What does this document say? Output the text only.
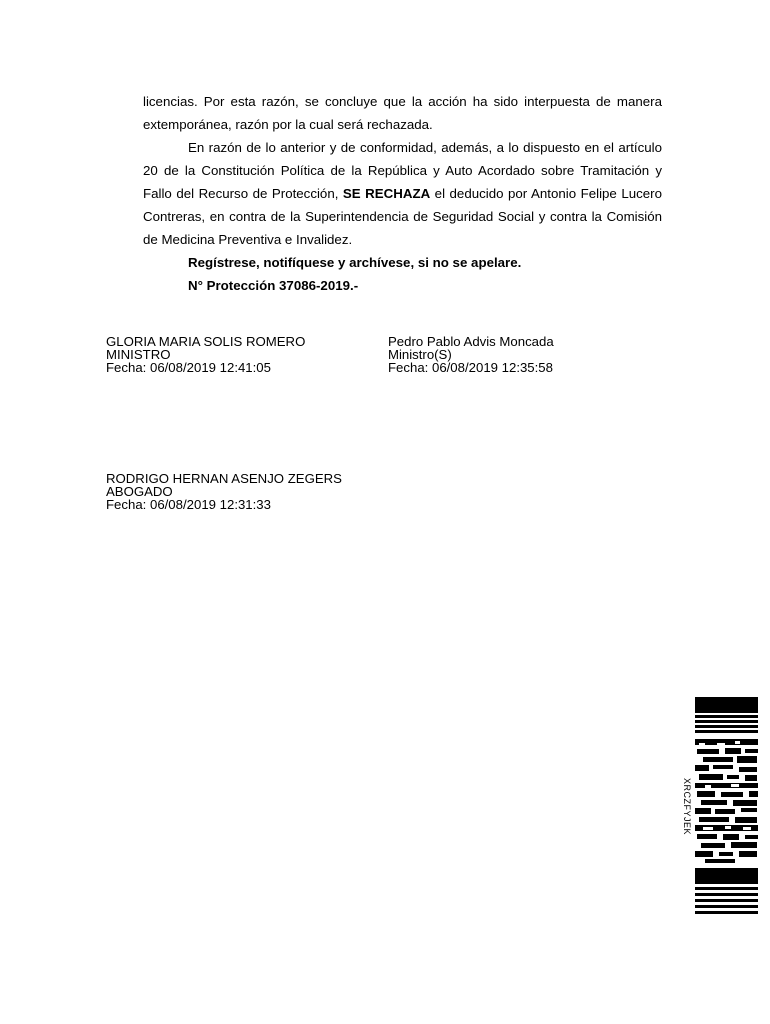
licencias. Por esta razón, se concluye que la acción ha sido interpuesta de manera extemporánea, razón por la cual será rechazada.

En razón de lo anterior y de conformidad, además, a lo dispuesto en el artículo 20 de la Constitución Política de la República y Auto Acordado sobre Tramitación y Fallo del Recurso de Protección, SE RECHAZA el deducido por Antonio Felipe Lucero Contreras, en contra de la Superintendencia de Seguridad Social y contra la Comisión de Medicina Preventiva e Invalidez.

Regístrese, notifíquese y archívese, si no se apelare.

N° Protección 37086-2019.-

GLORIA MARIA SOLIS ROMERO
MINISTRO
Fecha: 06/08/2019 12:41:05
Pedro Pablo Advis Moncada
Ministro(S)
Fecha: 06/08/2019 12:35:58
RODRIGO HERNAN ASENJO ZEGERS
ABOGADO
Fecha: 06/08/2019 12:31:33
XRCZFYJEK
